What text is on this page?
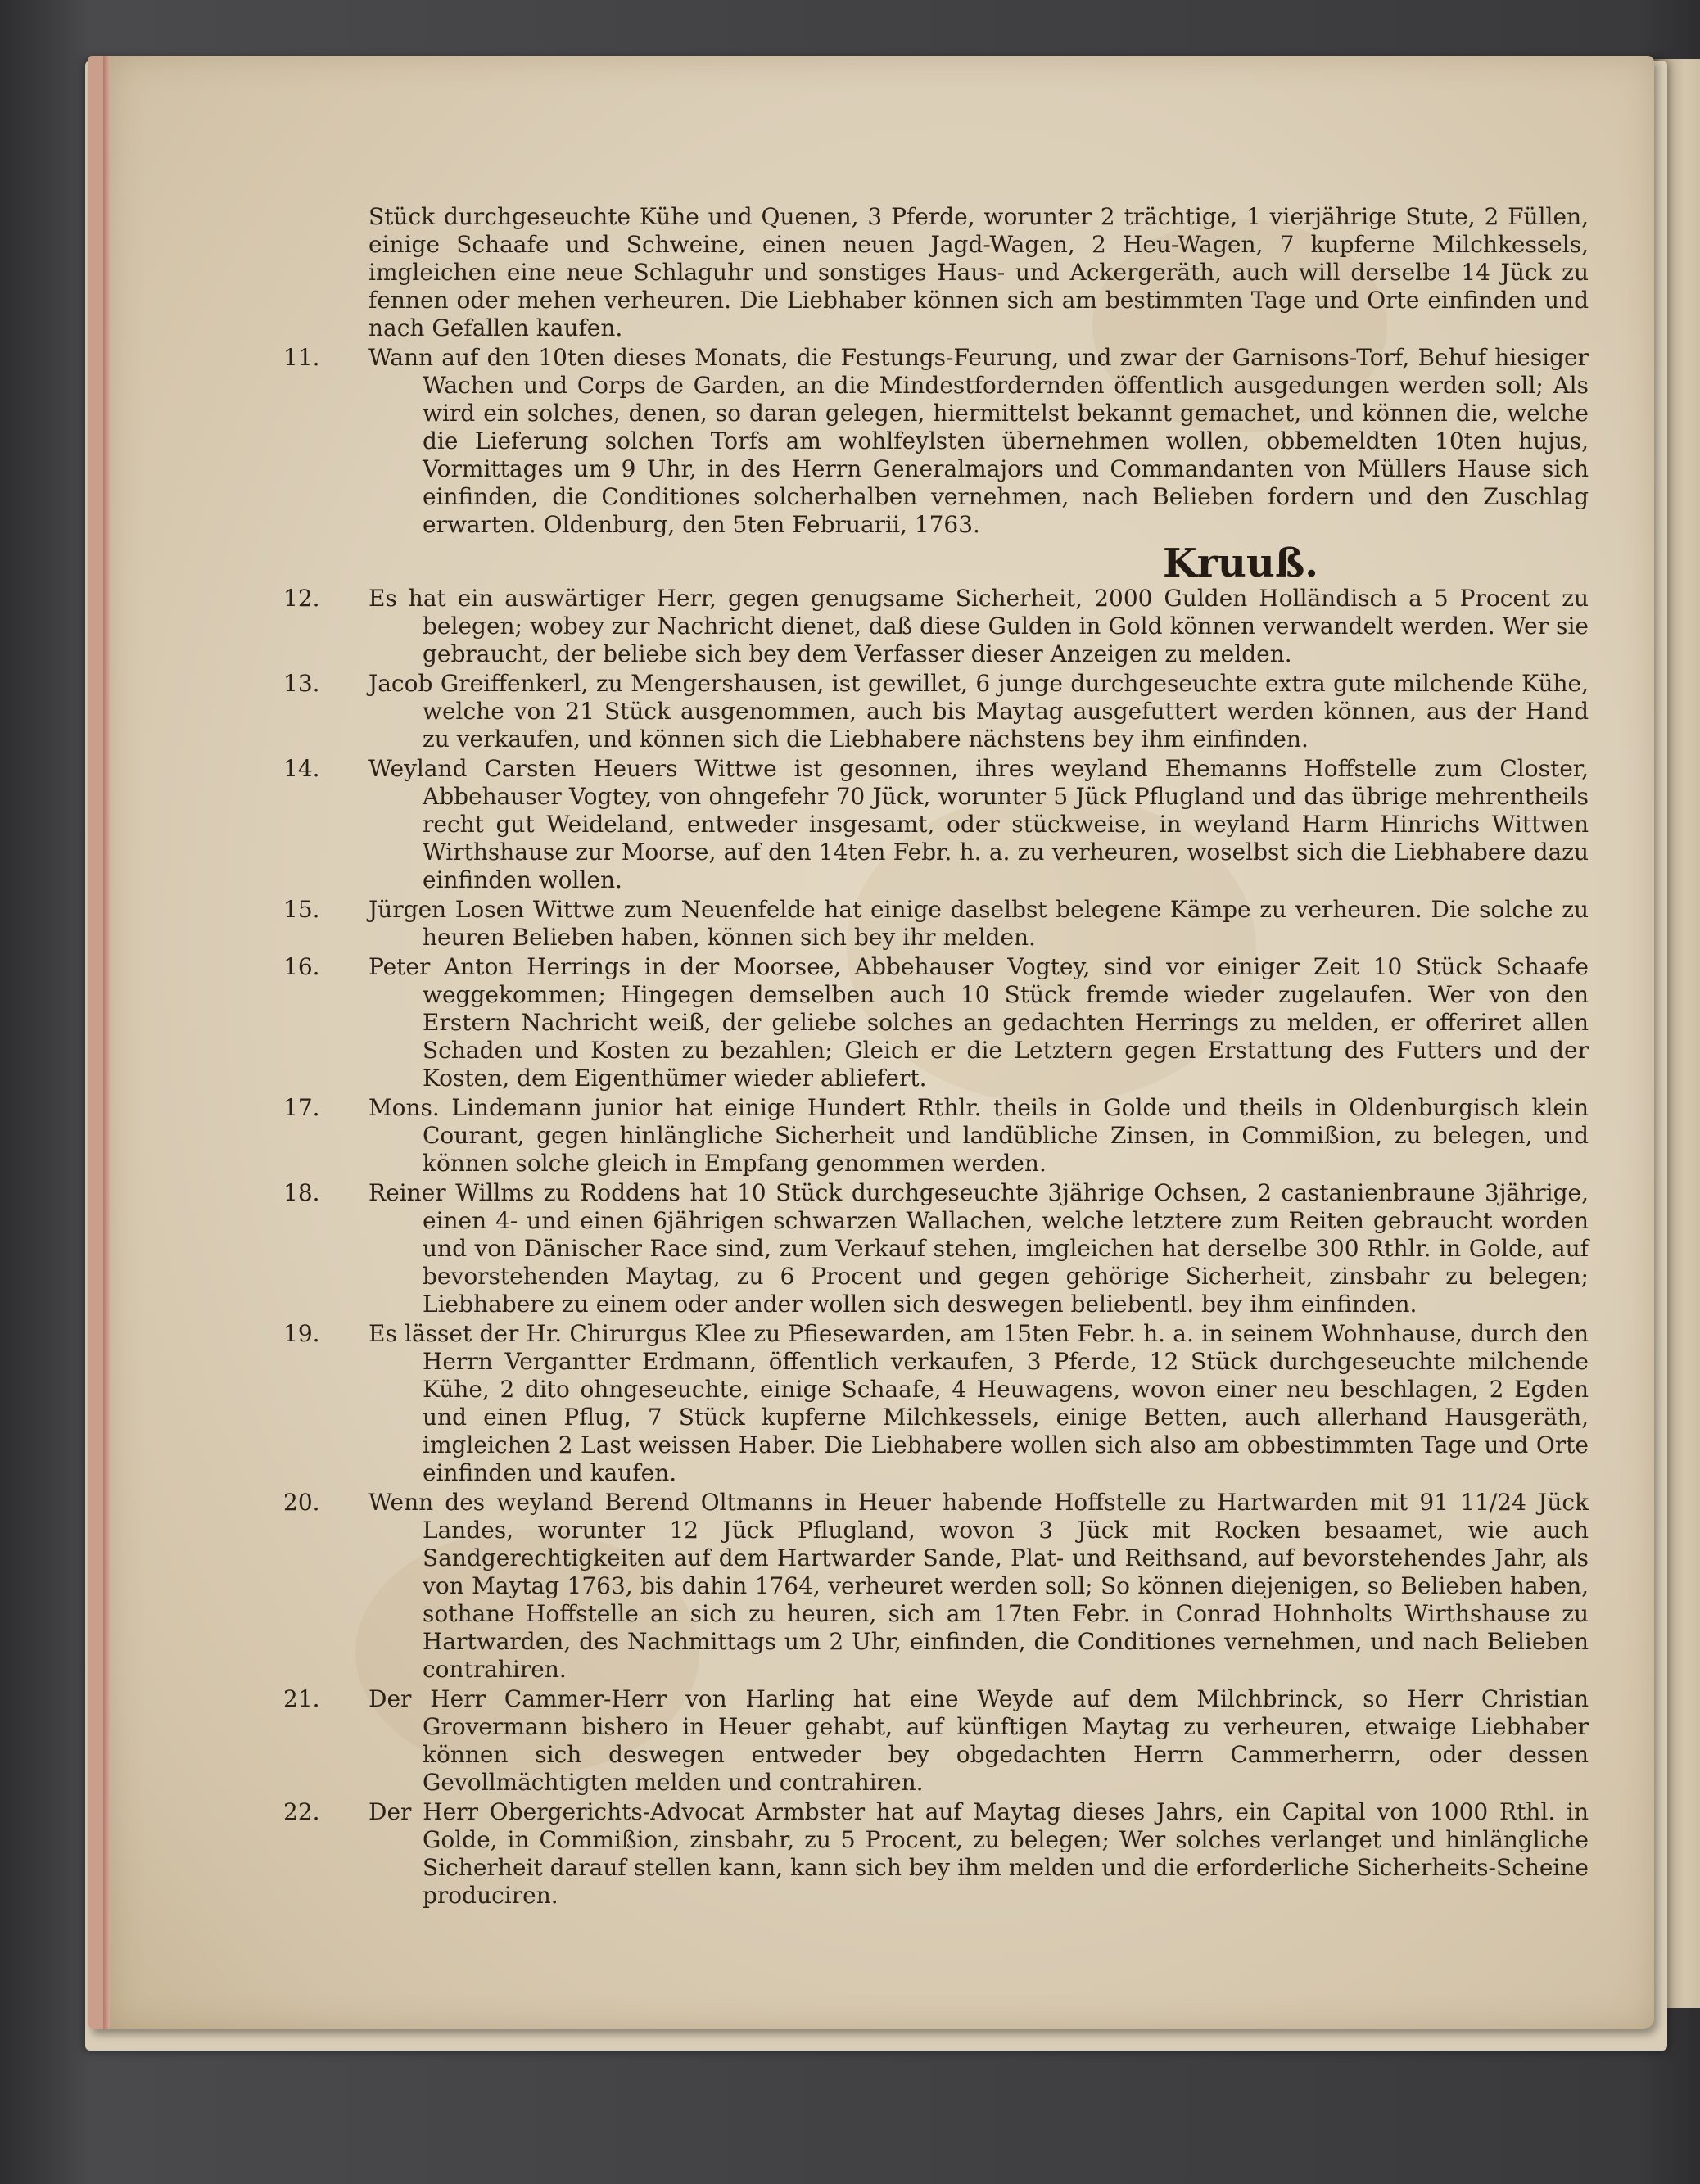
Stück durchgeseuchte Kühe und Quenen, 3 Pferde, worunter 2 trächtige, 1 vierjährige Stute, 2 Füllen, einige Schaafe und Schweine, einen neuen Jagd-Wagen, 2 Heu-Wagen, 7 kupferne Milchkessels, imgleichen eine neue Schlaguhr und sonstiges Haus- und Ackergeräth, auch will derselbe 14 Jück zu fennen oder mehen verheuren. Die Liebhaber können sich am bestimmten Tage und Orte einfinden und nach Gefallen kaufen.
11.	Wann auf den 10ten dieses Monats, die Festungs-Feurung, und zwar der Garnisons-Torf, Behuf hiesiger Wachen und Corps de Garden, an die Mindestfordernden öffentlich ausgedungen werden soll; Als wird ein solches, denen, so daran gelegen, hiermittelst bekannt gemachet, und können die, welche die Lieferung solchen Torfs am wohlfeylsten übernehmen wollen, obbemeldten 10ten hujus, Vormittages um 9 Uhr, in des Herrn Generalmajors und Commandanten von Müllers Hause sich einfinden, die Conditiones solcherhalben vernehmen, nach Belieben fordern und den Zuschlag erwarten. Oldenburg, den 5ten Februarii, 1763.
Kruuß.
12.	Es hat ein auswärtiger Herr, gegen genugsame Sicherheit, 2000 Gulden Holländisch a 5 Procent zu belegen; wobey zur Nachricht dienet, daß diese Gulden in Gold können verwandelt werden. Wer sie gebraucht, der beliebe sich bey dem Verfasser dieser Anzeigen zu melden.
13.	Jacob Greiffenkerl, zu Mengershausen, ist gewillet, 6 junge durchgeseuchte extra gute milchende Kühe, welche von 21 Stück ausgenommen, auch bis Maytag ausgefuttert werden können, aus der Hand zu verkaufen, und können sich die Liebhabere nächstens bey ihm einfinden.
14.	Weyland Carsten Heuers Wittwe ist gesonnen, ihres weyland Ehemanns Hoffstelle zum Closter, Abbehauser Vogtey, von ohngefehr 70 Jück, worunter 5 Jück Pflugland und das übrige mehrentheils recht gut Weideland, entweder insgesamt, oder stückweise, in weyland Harm Hinrichs Wittwen Wirthshause zur Moorse, auf den 14ten Febr. h. a. zu verheuren, woselbst sich die Liebhabere dazu einfinden wollen.
15.	Jürgen Losen Wittwe zum Neuenfelde hat einige daselbst belegene Kämpe zu verheuren. Die solche zu heuren Belieben haben, können sich bey ihr melden.
16.	Peter Anton Herrings in der Moorsee, Abbehauser Vogtey, sind vor einiger Zeit 10 Stück Schaafe weggekommen; Hingegen demselben auch 10 Stück fremde wieder zugelaufen. Wer von den Erstern Nachricht weiß, der geliebe solches an gedachten Herrings zu melden, er offeriret allen Schaden und Kosten zu bezahlen; Gleich er die Letztern gegen Erstattung des Futters und der Kosten, dem Eigenthümer wieder abliefert.
17.	Mons. Lindemann junior hat einige Hundert Rthlr. theils in Golde und theils in Oldenburgisch klein Courant, gegen hinlängliche Sicherheit und landübliche Zinsen, in Commißion, zu belegen, und können solche gleich in Empfang genommen werden.
18.	Reiner Willms zu Roddens hat 10 Stück durchgeseuchte 3jährige Ochsen, 2 castanienbraune 3jährige, einen 4- und einen 6jährigen schwarzen Wallachen, welche letztere zum Reiten gebraucht worden und von Dänischer Race sind, zum Verkauf stehen, imgleichen hat derselbe 300 Rthlr. in Golde, auf bevorstehenden Maytag, zu 6 Procent und gegen gehörige Sicherheit, zinsbahr zu belegen; Liebhabere zu einem oder ander wollen sich deswegen beliebentl. bey ihm einfinden.
19.	Es lässet der Hr. Chirurgus Klee zu Pfiesewarden, am 15ten Febr. h. a. in seinem Wohnhause, durch den Herrn Vergantter Erdmann, öffentlich verkaufen, 3 Pferde, 12 Stück durchgeseuchte milchende Kühe, 2 dito ohngeseuchte, einige Schaafe, 4 Heuwagens, wovon einer neu beschlagen, 2 Egden und einen Pflug, 7 Stück kupferne Milchkessels, einige Betten, auch allerhand Hausgeräth, imgleichen 2 Last weissen Haber. Die Liebhabere wollen sich also am obbestimmten Tage und Orte einfinden und kaufen.
20.	Wenn des weyland Berend Oltmanns in Heuer habende Hoffstelle zu Hartwarden mit 91 11/24 Jück Landes, worunter 12 Jück Pflugland, wovon 3 Jück mit Rocken besaamet, wie auch Sandgerechtigkeiten auf dem Hartwarder Sande, Plat- und Reithsand, auf bevorstehendes Jahr, als von Maytag 1763, bis dahin 1764, verheuret werden soll; So können diejenigen, so Belieben haben, sothane Hoffstelle an sich zu heuren, sich am 17ten Febr. in Conrad Hohnholts Wirthshause zu Hartwarden, des Nachmittags um 2 Uhr, einfinden, die Conditiones vernehmen, und nach Belieben contrahiren.
21.	Der Herr Cammer-Herr von Harling hat eine Weyde auf dem Milchbrinck, so Herr Christian Grovermann bishero in Heuer gehabt, auf künftigen Maytag zu verheuren, etwaige Liebhaber können sich deswegen entweder bey obgedachten Herrn Cammerherrn, oder dessen Gevollmächtigten melden und contrahiren.
22.	Der Herr Obergerichts-Advocat Armbster hat auf Maytag dieses Jahrs, ein Capital von 1000 Rthl. in Golde, in Commißion, zinsbahr, zu 5 Procent, zu belegen; Wer solches verlanget und hinlängliche Sicherheit darauf stellen kann, kann sich bey ihm melden und die erforderliche Sicherheits-Scheine produciren.
